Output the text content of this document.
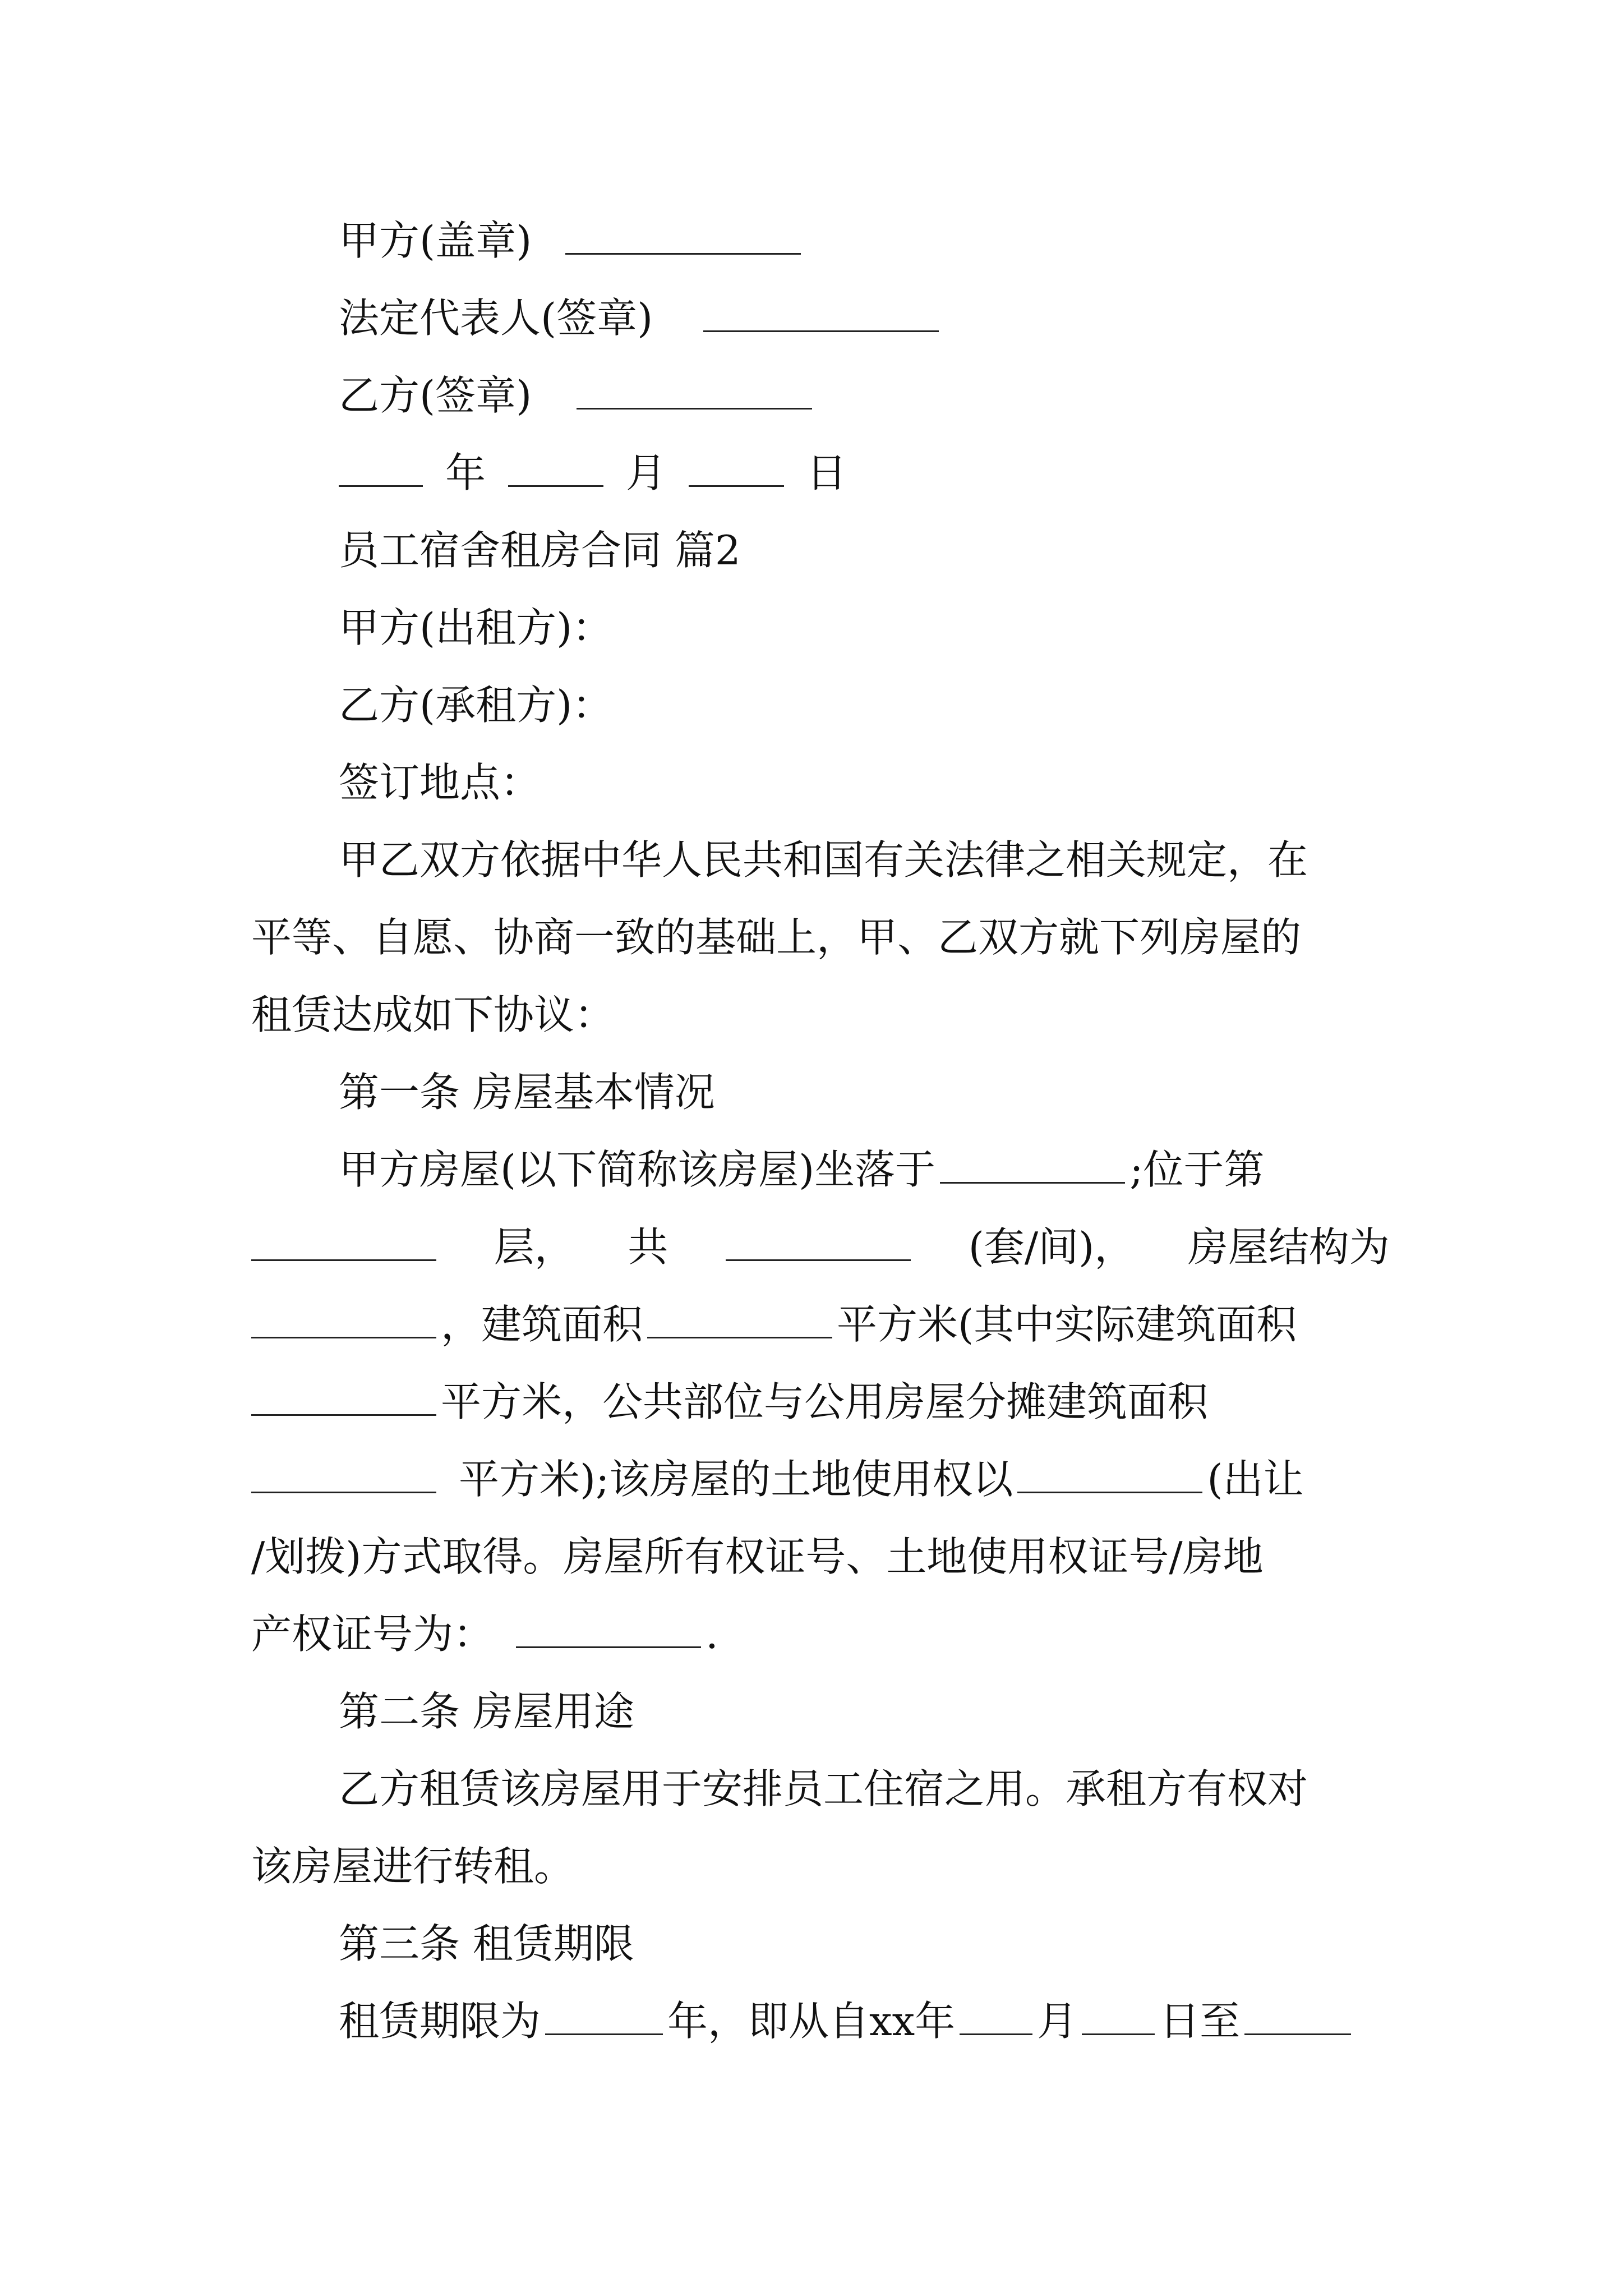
甲方(盖章)
法定代表人(签章)
乙方(签章)
年	月	日
员工宿舍租房合同 篇2
甲方(出租方)：
乙方(承租方)：
签订地点：
甲乙双方依据中华人民共和国有关法律之相关规定，在
平等、自愿、协商一致的基础上，甲、乙双方就下列房屋的
租赁达成如下协议：
第一条 房屋基本情况
甲方房屋(以下简称该房屋)坐落于	;位于第
层， 共	(套/间)， 房屋结构为
，建筑面积	平方米(其中实际建筑面积
平方米，公共部位与公用房屋分摊建筑面积
平方米);该房屋的土地使用权以	(出让
/划拨)方式取得。房屋所有权证号、土地使用权证号/房地
产权证号为：	.
第二条 房屋用途
乙方租赁该房屋用于安排员工住宿之用。承租方有权对
该房屋进行转租。
第三条 租赁期限
租赁期限为	年，即从自xx年 月 日至
